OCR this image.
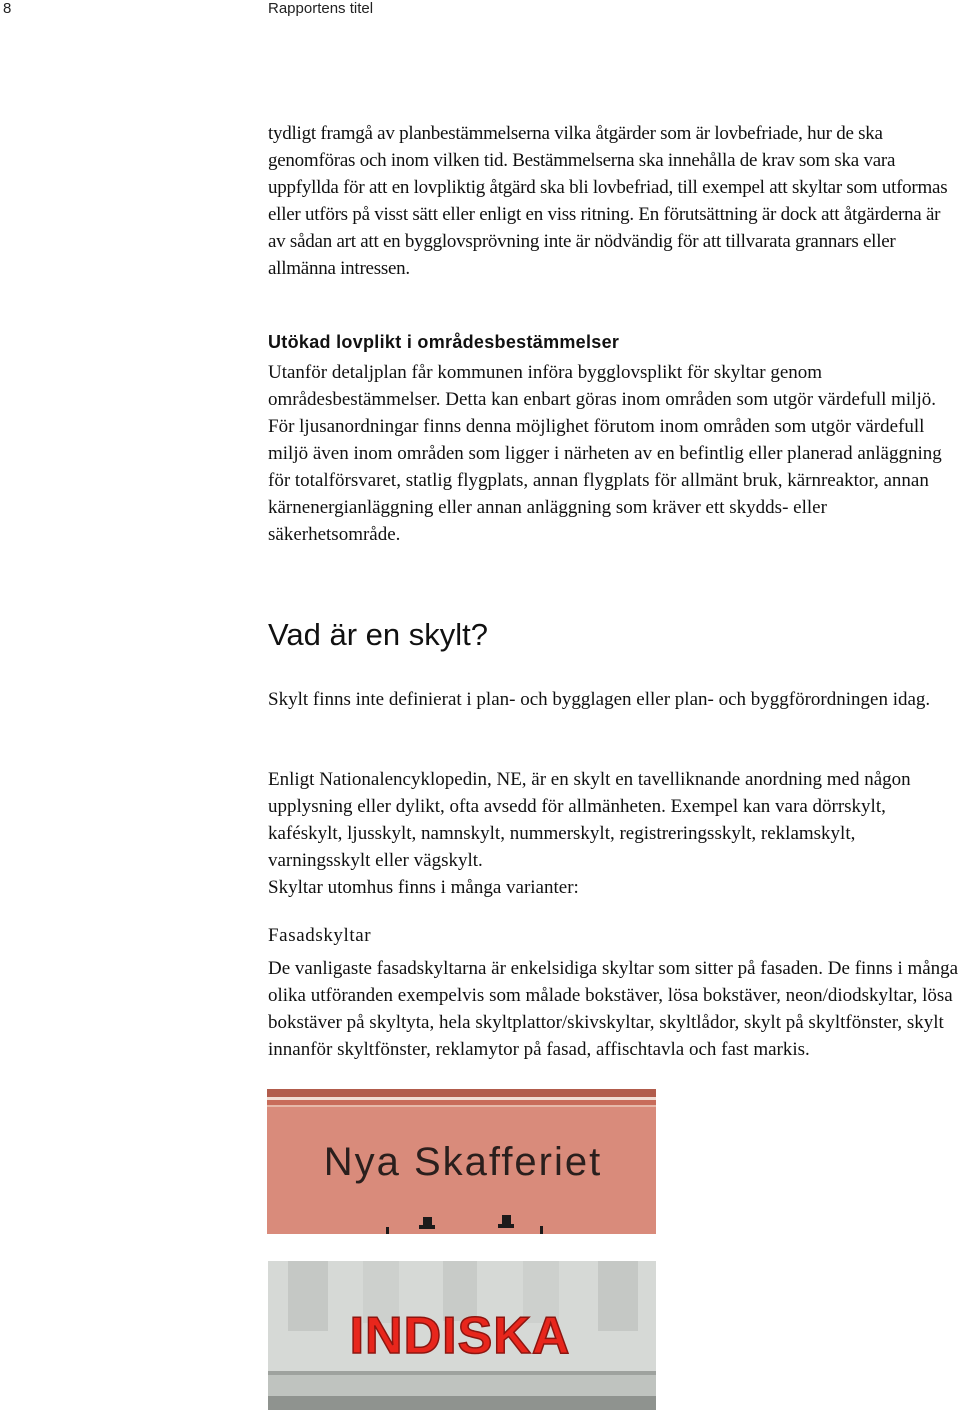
8	Rapportens titel

tydligt framgå av planbestämmelserna vilka åtgärder som är lovbefriade, hur de ska genomföras och inom vilken tid. Bestämmelserna ska innehålla de krav som ska vara uppfyllda för att en lovpliktig åtgärd ska bli lovbefriad, till exempel att skyltar som utformas eller utförs på visst sätt eller enligt en viss ritning. En förutsättning är dock att åtgärderna är av sådan art att en bygglovsprövning inte är nödvändig för att tillvarata grannars eller allmänna intressen.

Utökad lovplikt i områdesbestämmelser

Utanför detaljplan får kommunen införa bygglovsplikt för skyltar genom områdesbestämmelser. Detta kan enbart göras inom områden som utgör värdefull miljö. För ljusanordningar finns denna möjlighet förutom inom områden som utgör värdefull miljö även inom områden som ligger i närheten av en befintlig eller planerad anläggning för totalförsvaret, statlig flygplats, annan flygplats för allmänt bruk, kärnreaktor, annan kärnenergianläggning eller annan anläggning som kräver ett skydds- eller säkerhetsområde.

Vad är en skylt?

Skylt finns inte definierat i plan- och bygglagen eller plan- och byggförordningen idag.

Enligt Nationalencyklopedin, NE, är en skylt en tavelliknande anordning med någon upplysning eller dylikt, ofta avsedd för allmänheten. Exempel kan vara dörrskylt, kaféskylt, ljusskylt, namnskylt, nummerskylt, registreringsskylt, reklamskylt, varningsskylt eller vägskylt.

Skyltar utomhus finns i många varianter:

Fasadskyltar

De vanligaste fasadskyltarna är enkelsidiga skyltar som sitter på fasaden. De finns i många olika utföranden exempelvis som målade bokstäver, lösa bokstäver, neon/diodskyltar, lösa bokstäver på skyltyta, hela skyltplattor/skivskyltar, skyltlådor, skylt på skyltfönster, skylt innanför skyltfönster, reklamytor på fasad, affischtavla och fast markis.

Nya Skafferiet
INDISKA
